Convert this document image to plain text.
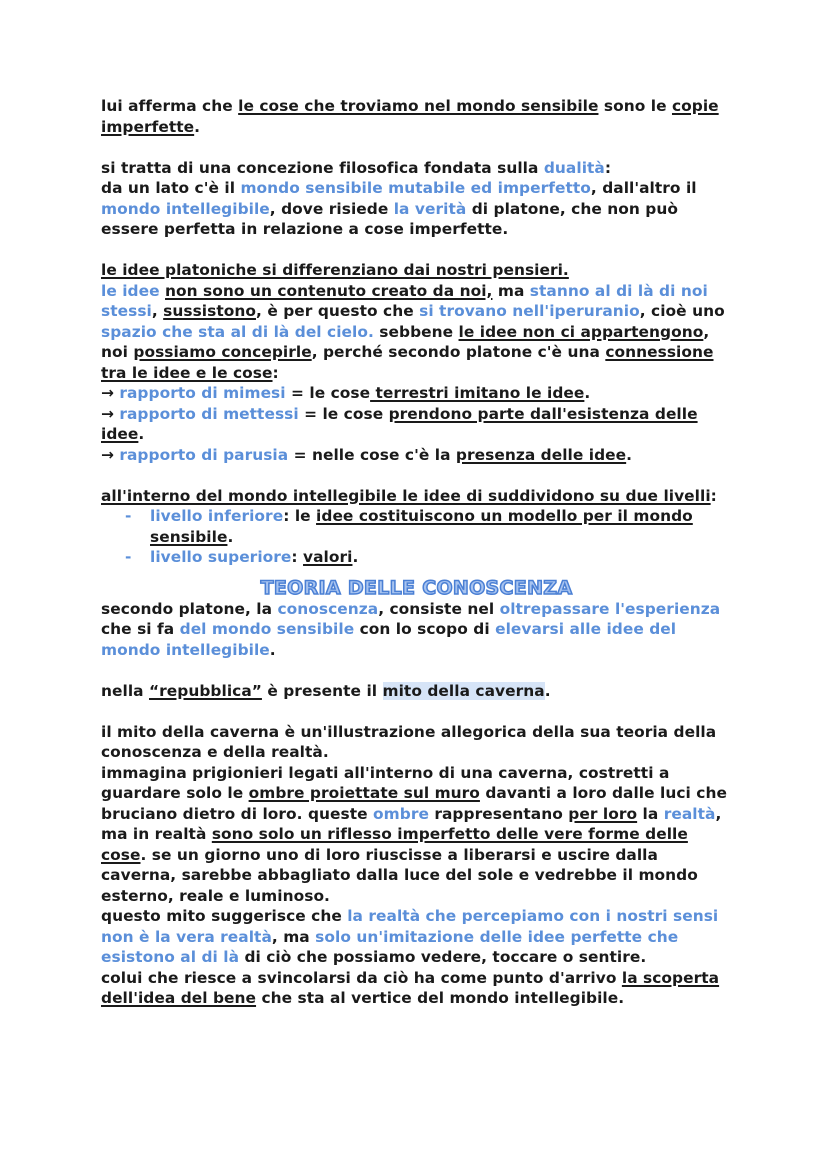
lui afferma che le cose che troviamo nel mondo sensibile sono le copie imperfette.

si tratta di una concezione filosofica fondata sulla dualità:
da un lato c'è il mondo sensibile mutabile ed imperfetto, dall'altro il mondo intellegibile, dove risiede la verità di platone, che non può essere perfetta in relazione a cose imperfette.

le idee platoniche si differenziano dai nostri pensieri.
le idee non sono un contenuto creato da noi, ma stanno al di là di noi stessi, sussistono, è per questo che si trovano nell'iperuranio, cioè uno spazio che sta al di là del cielo. sebbene le idee non ci appartengono, noi possiamo concepirle, perché secondo platone c'è una connessione tra le idee e le cose:
→ rapporto di mimesi = le cose terrestri imitano le idee.
→ rapporto di mettessi = le cose prendono parte dall'esistenza delle idee.
→ rapporto di parusia = nelle cose c'è la presenza delle idee.

all'interno del mondo intellegibile le idee di suddividono su due livelli:

- livello inferiore: le idee costituiscono un modello per il mondo sensibile.
- livello superiore: valori.
TEORIA DELLE CONOSCENZA

secondo platone, la conoscenza, consiste nel oltrepassare l'esperienza che si fa del mondo sensibile con lo scopo di elevarsi alle idee del mondo intellegibile.

nella “repubblica” è presente il mito della caverna.

il mito della caverna è un'illustrazione allegorica della sua teoria della conoscenza e della realtà.
immagina prigionieri legati all'interno di una caverna, costretti a guardare solo le ombre proiettate sul muro davanti a loro dalle luci che bruciano dietro di loro. queste ombre rappresentano per loro la realtà, ma in realtà sono solo un riflesso imperfetto delle vere forme delle cose. se un giorno uno di loro riuscisse a liberarsi e uscire dalla caverna, sarebbe abbagliato dalla luce del sole e vedrebbe il mondo esterno, reale e luminoso.
questo mito suggerisce che la realtà che percepiamo con i nostri sensi non è la vera realtà, ma solo un'imitazione delle idee perfette che esistono al di là di ciò che possiamo vedere, toccare o sentire.
colui che riesce a svincolarsi da ciò ha come punto d'arrivo la scoperta dell'idea del bene che sta al vertice del mondo intellegibile.
